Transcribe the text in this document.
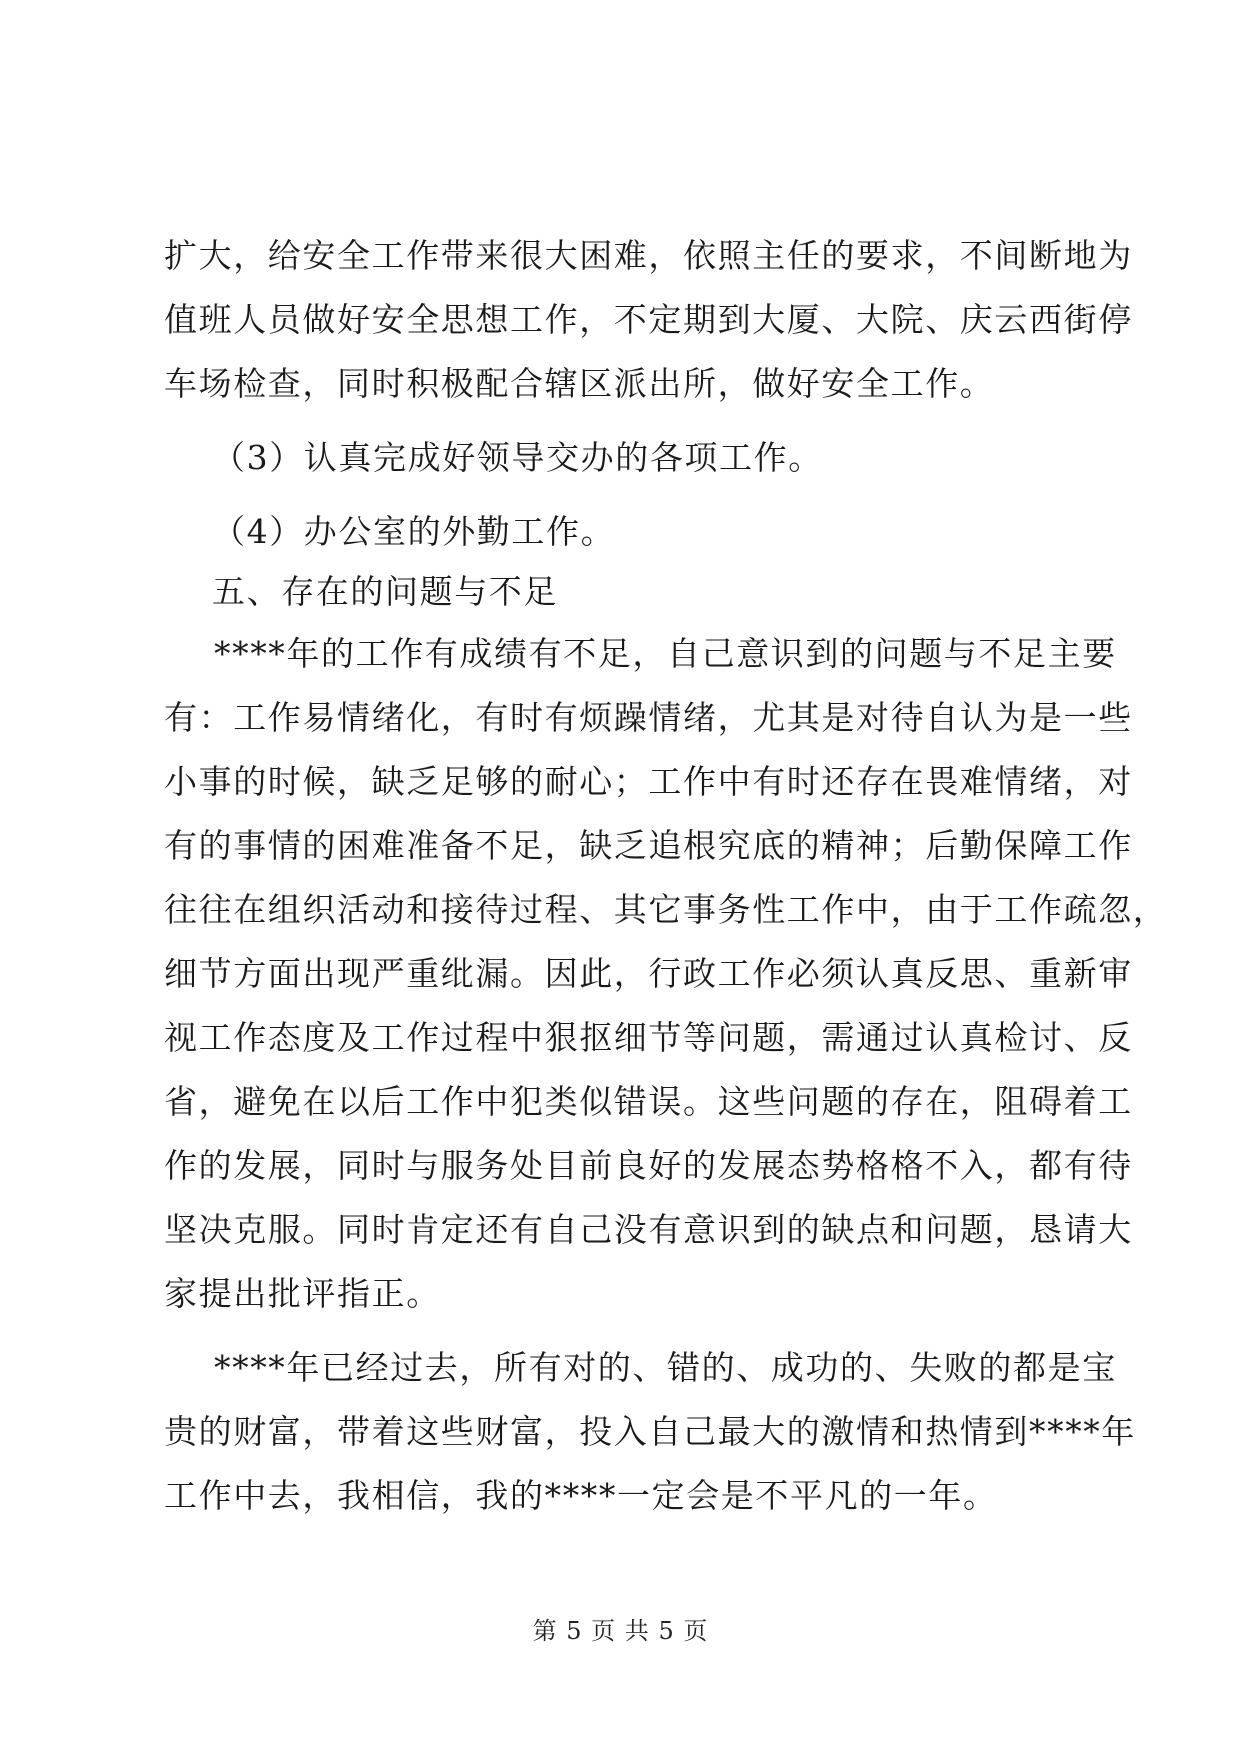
扩大，给安全工作带来很大困难，依照主任的要求，不间断地为
值班人员做好安全思想工作，不定期到大厦、大院、庆云西街停
车场检查，同时积极配合辖区派出所，做好安全工作。
（3）认真完成好领导交办的各项工作。
（4）办公室的外勤工作。
五、存在的问题与不足
****年的工作有成绩有不足，自己意识到的问题与不足主要
有：工作易情绪化，有时有烦躁情绪，尤其是对待自认为是一些
小事的时候，缺乏足够的耐心；工作中有时还存在畏难情绪，对
有的事情的困难准备不足，缺乏追根究底的精神；后勤保障工作
往往在组织活动和接待过程、其它事务性工作中，由于工作疏忽，
细节方面出现严重纰漏。因此，行政工作必须认真反思、重新审
视工作态度及工作过程中狠抠细节等问题，需通过认真检讨、反
省，避免在以后工作中犯类似错误。这些问题的存在，阻碍着工
作的发展，同时与服务处目前良好的发展态势格格不入，都有待
坚决克服。同时肯定还有自己没有意识到的缺点和问题，恳请大
家提出批评指正。
****年已经过去，所有对的、错的、成功的、失败的都是宝
贵的财富，带着这些财富，投入自己最大的激情和热情到****年
工作中去，我相信，我的****一定会是不平凡的一年。
第 5 页 共 5 页
